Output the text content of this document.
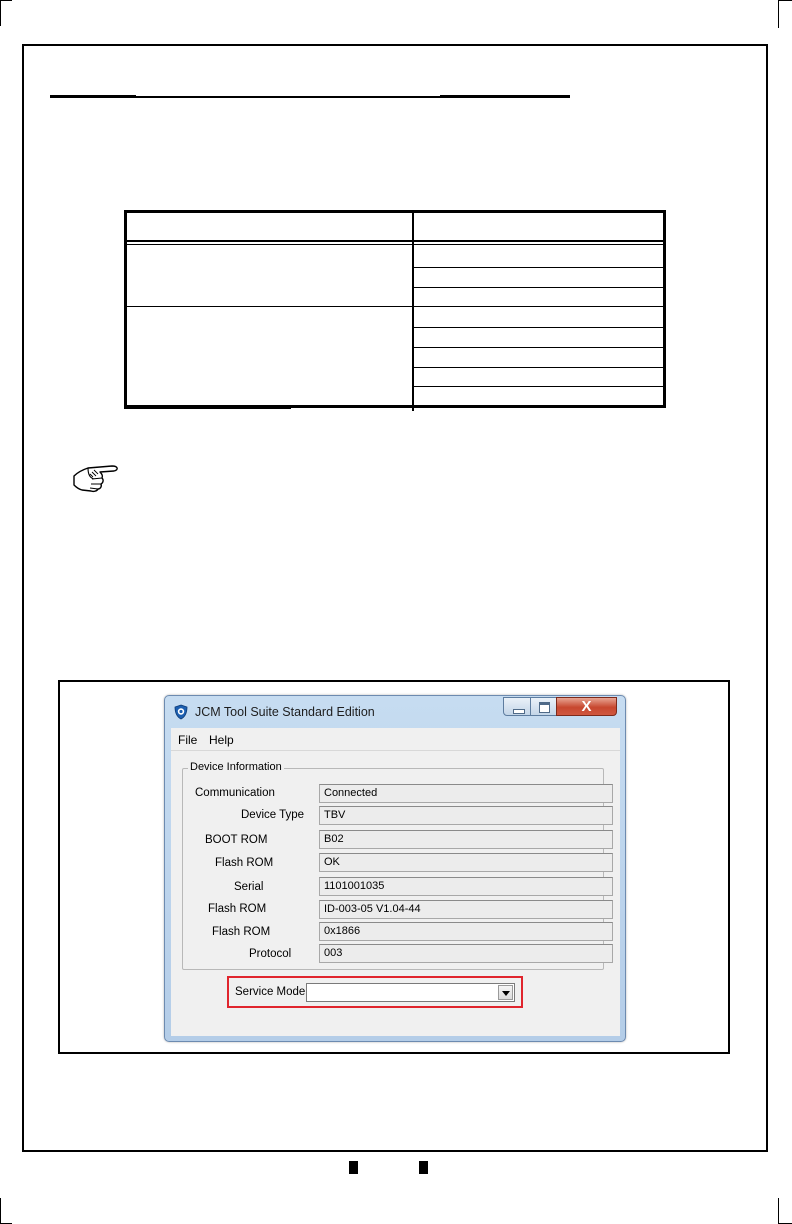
JCM Tool Suite Standard Edition	X
File Help
Device Information
Communication	Connected
Device Type	TBV
BOOT ROM	B02
Flash ROM	OK
Serial	1101001035
Flash ROM	ID-003-05 V1.04-44
Flash ROM	0x1866
Protocol	003
Service Mode
